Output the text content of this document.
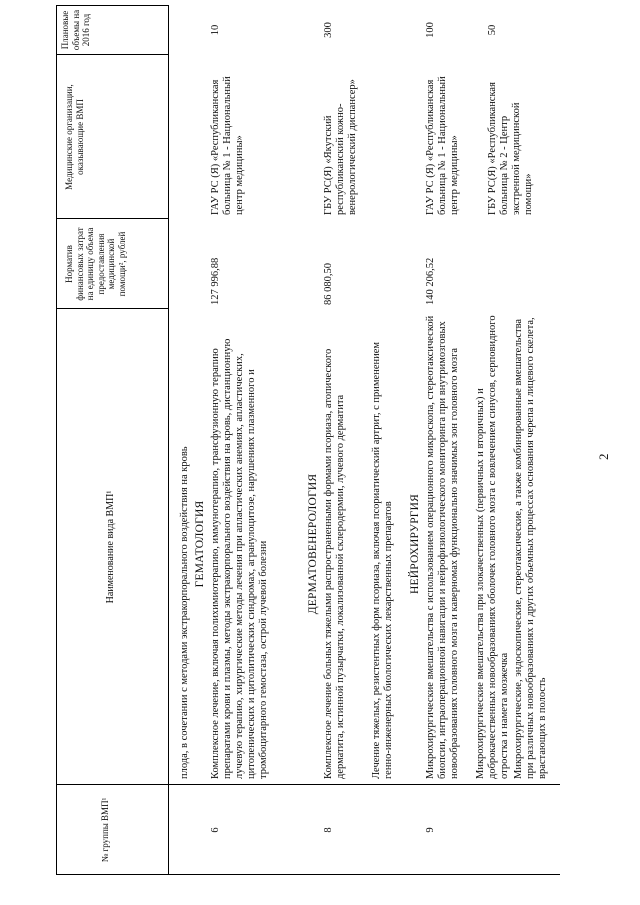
2
№ группы ВМП¹
Наименование вида ВМП¹
Норматив финансовых затрат на единицу объема предоставления медицинской помощи², рублей
Медицинские организации, оказывающие ВМП
Плановые объемы на 2016 год
плода, в сочетании с методами экстракорпорального воздействия на кровь ГЕМАТОЛОГИЯ
6
Комплексное лечение, включая полихимиотерапию, иммунотерапию, трансфузионную терапию препаратами крови и плазмы, методы экстракорпорального воздействия на кровь, дистанционную лучевую терапию, хирургические методы лечения при апластических анемиях, апластических, цитопенических и цитолитических синдромах, агранулоцитозе, нарушениях плазменного и тромбоцитарного гемостаза, острой лучевой болезни
127 996,88
ГАУ РС (Я) «Республиканская больница № 1 - Национальный центр медицины»
10
ДЕРМАТОВЕНЕРОЛОГИЯ
8
Комплексное лечение больных тяжелыми распространенными формами псориаза, атопического дерматита, истинной пузырчатки, локализованной склеродермии, лучевого дерматита Лечение тяжелых, резистентных форм псориаза, включая псориатический артрит, с применением генно-инженерных биологических лекарственных препаратов
86 080,50
ГБУ РС(Я) «Якутский республиканский кожно-венерологический диспансер»
300
НЕЙРОХИРУРГИЯ
9
Микрохирургические вмешательства с использованием операционного микроскопа, стереотаксической биопсии, интраоперационной навигации и нейрофизиологического мониторинга при внутримозговых новообразованиях головного мозга и каверномах функционально значимых зон головного мозга Микрохирургические вмешательства при злокачественных (первичных и вторичных) и доброкачественных новообразованиях оболочек головного мозга с вовлечением синусов, серповидного отростка и намета мозжечка Микрохирургические, эндоскопические, стереотаксические, а также комбинированные вмешательства при различных новообразованиях и других объемных процессах основания черепа и лицевого скелета, врастающих в полость
140 206,52
ГАУ РС (Я) «Республиканская больница № 1 - Национальный центр медицины»
100
ГБУ РС(Я) «Республиканская больница № 2 - Центр экстренной медицинской помощи»
50
